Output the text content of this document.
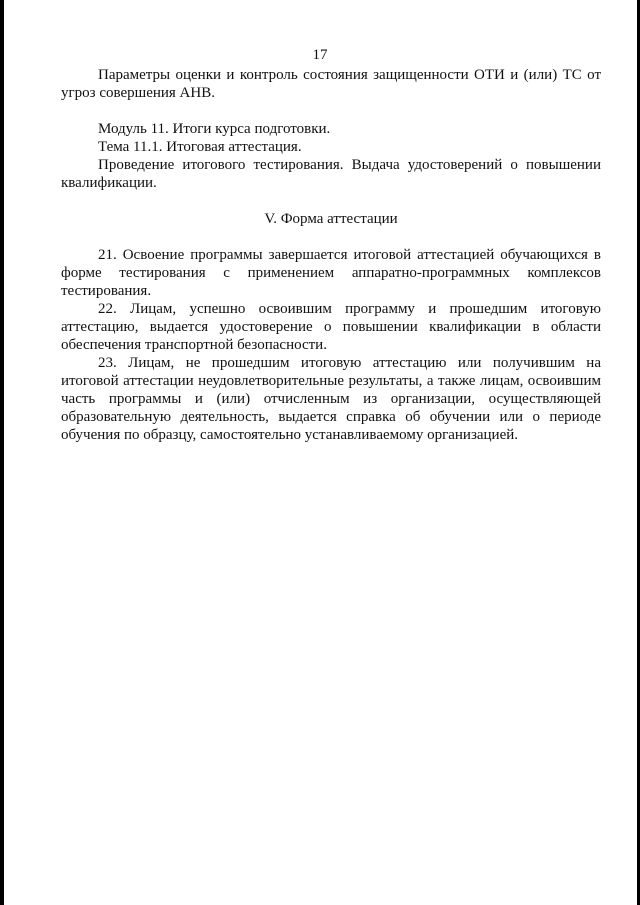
17

Параметры оценки и контроль состояния защищенности ОТИ и (или) ТС от угроз совершения АНВ.

Модуль 11. Итоги курса подготовки.

Тема 11.1. Итоговая аттестация.

Проведение итогового тестирования. Выдача удостоверений о повышении квалификации.

V. Форма аттестации

21. Освоение программы завершается итоговой аттестацией обучающихся в форме тестирования с применением аппаратно-программных комплексов тестирования.

22. Лицам, успешно освоившим программу и прошедшим итоговую аттестацию, выдается удостоверение о повышении квалификации в области обеспечения транспортной безопасности.

23. Лицам, не прошедшим итоговую аттестацию или получившим на итоговой аттестации неудовлетворительные результаты, а также лицам, освоившим часть программы и (или) отчисленным из организации, осуществляющей образовательную деятельность, выдается справка об обучении или о периоде обучения по образцу, самостоятельно устанавливаемому организацией.
